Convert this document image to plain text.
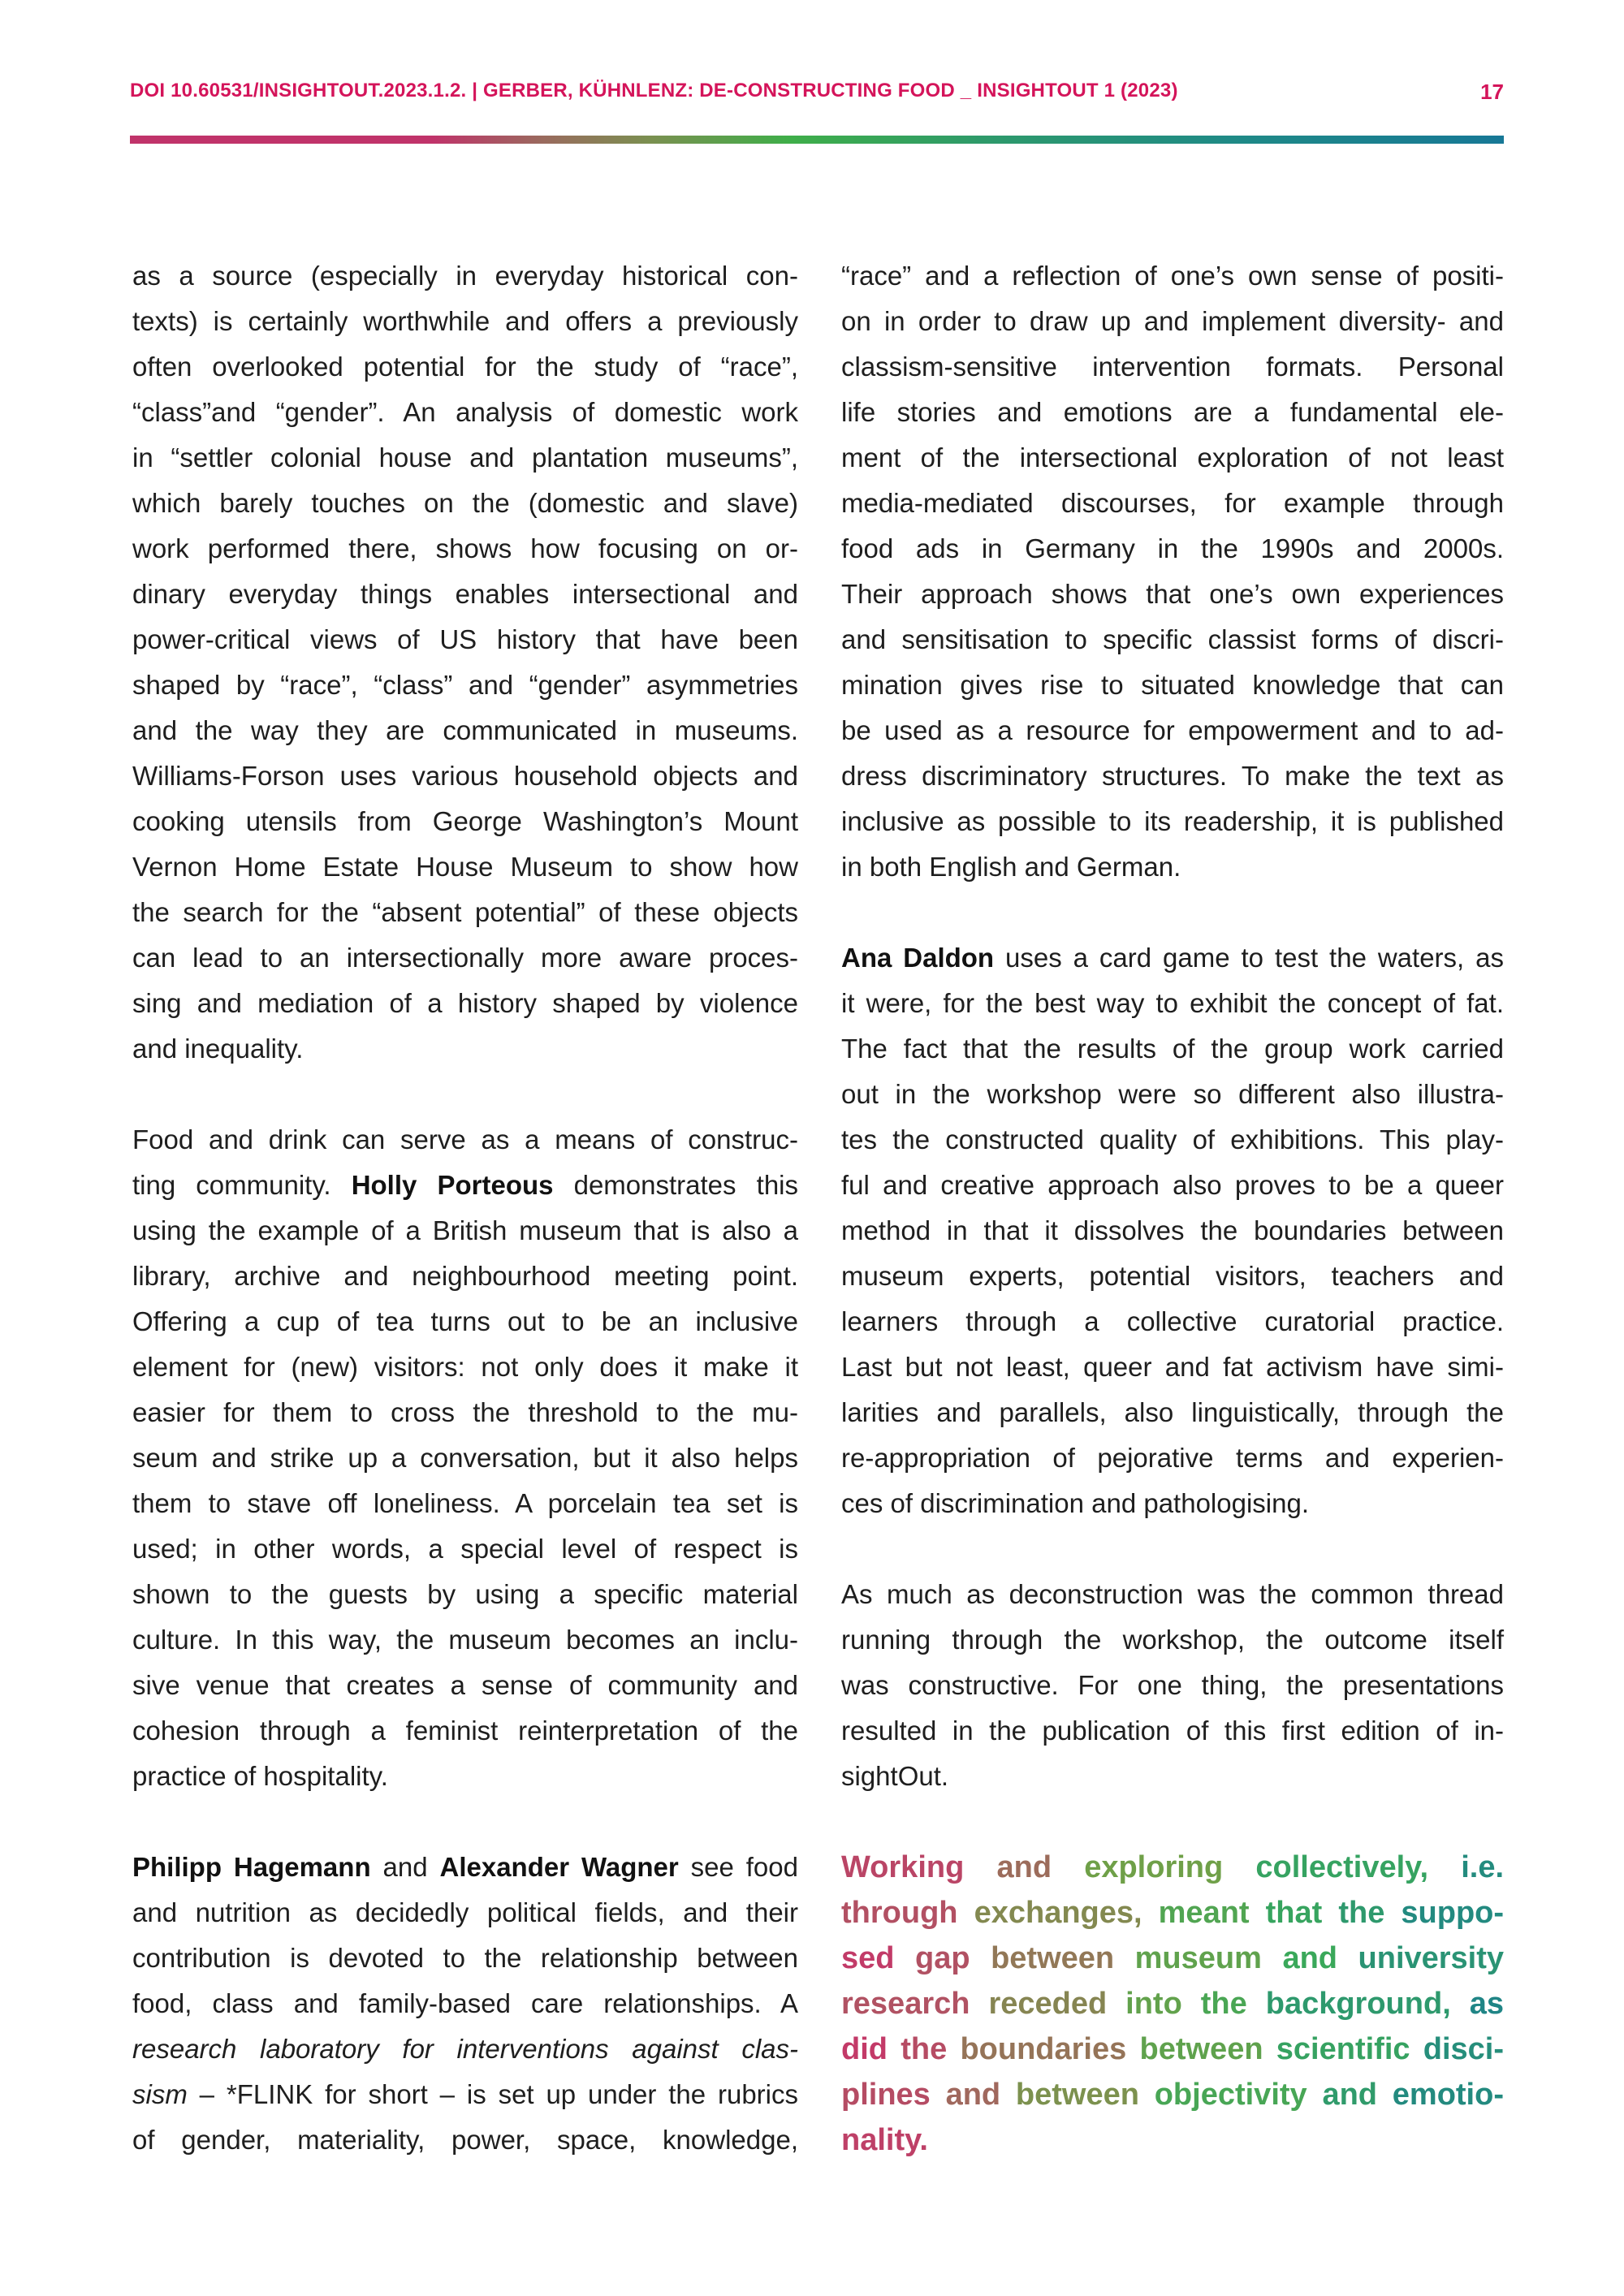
DOI 10.60531/INSIGHTOUT.2023.1.2. | GERBER, KÜHNLENZ: DE-CONSTRUCTING FOOD _ INSIGHTOUT 1 (2023)	17
as a source (especially in everyday historical con-
texts) is certainly worthwhile and offers a previously
often overlooked potential for the study of “race”,
“class”and “gender”. An analysis of domestic work
in “settler colonial house and plantation museums”,
which barely touches on the (domestic and slave)
work performed there, shows how focusing on or-
dinary everyday things enables intersectional and
power-critical views of US history that have been
shaped by “race”, “class” and “gender” asymmetries
and the way they are communicated in museums.
Williams-Forson uses various household objects and
cooking utensils from George Washington’s Mount
Vernon Home Estate House Museum to show how
the search for the “absent potential” of these objects
can lead to an intersectionally more aware proces-
sing and mediation of a history shaped by violence
and inequality.
Food and drink can serve as a means of construc-
ting community. Holly Porteous demonstrates this
using the example of a British museum that is also a
library, archive and neighbourhood meeting point.
Offering a cup of tea turns out to be an inclusive
element for (new) visitors: not only does it make it
easier for them to cross the threshold to the mu-
seum and strike up a conversation, but it also helps
them to stave off loneliness. A porcelain tea set is
used; in other words, a special level of respect is
shown to the guests by using a specific material
culture. In this way, the museum becomes an inclu-
sive venue that creates a sense of community and
cohesion through a feminist reinterpretation of the
practice of hospitality.
Philipp Hagemann and Alexander Wagner see food
and nutrition as decidedly political fields, and their
contribution is devoted to the relationship between
food, class and family-based care relationships. A
research laboratory for interventions against clas-
sism – *FLINK for short – is set up under the rubrics
of gender, materiality, power, space, knowledge,
“race” and a reflection of one’s own sense of positi-
on in order to draw up and implement diversity- and
classism-sensitive intervention formats. Personal
life stories and emotions are a fundamental ele-
ment of the intersectional exploration of not least
media-mediated discourses, for example through
food ads in Germany in the 1990s and 2000s.
Their approach shows that one’s own experiences
and sensitisation to specific classist forms of discri-
mination gives rise to situated knowledge that can
be used as a resource for empowerment and to ad-
dress discriminatory structures. To make the text as
inclusive as possible to its readership, it is published
in both English and German.
Ana Daldon uses a card game to test the waters, as
it were, for the best way to exhibit the concept of fat.
The fact that the results of the group work carried
out in the workshop were so different also illustra-
tes the constructed quality of exhibitions. This play-
ful and creative approach also proves to be a queer
method in that it dissolves the boundaries between
museum experts, potential visitors, teachers and
learners through a collective curatorial practice.
Last but not least, queer and fat activism have simi-
larities and parallels, also linguistically, through the
re-appropriation of pejorative terms and experien-
ces of discrimination and pathologising.
As much as deconstruction was the common thread
running through the workshop, the outcome itself
was constructive. For one thing, the presentations
resulted in the publication of this first edition of in-
sightOut.
Working and exploring collectively, i.e.
through exchanges, meant that the suppo-
sed gap between museum and university
research receded into the background, as
did the boundaries between scientific disci-
plines and between objectivity and emotio-
nality.
